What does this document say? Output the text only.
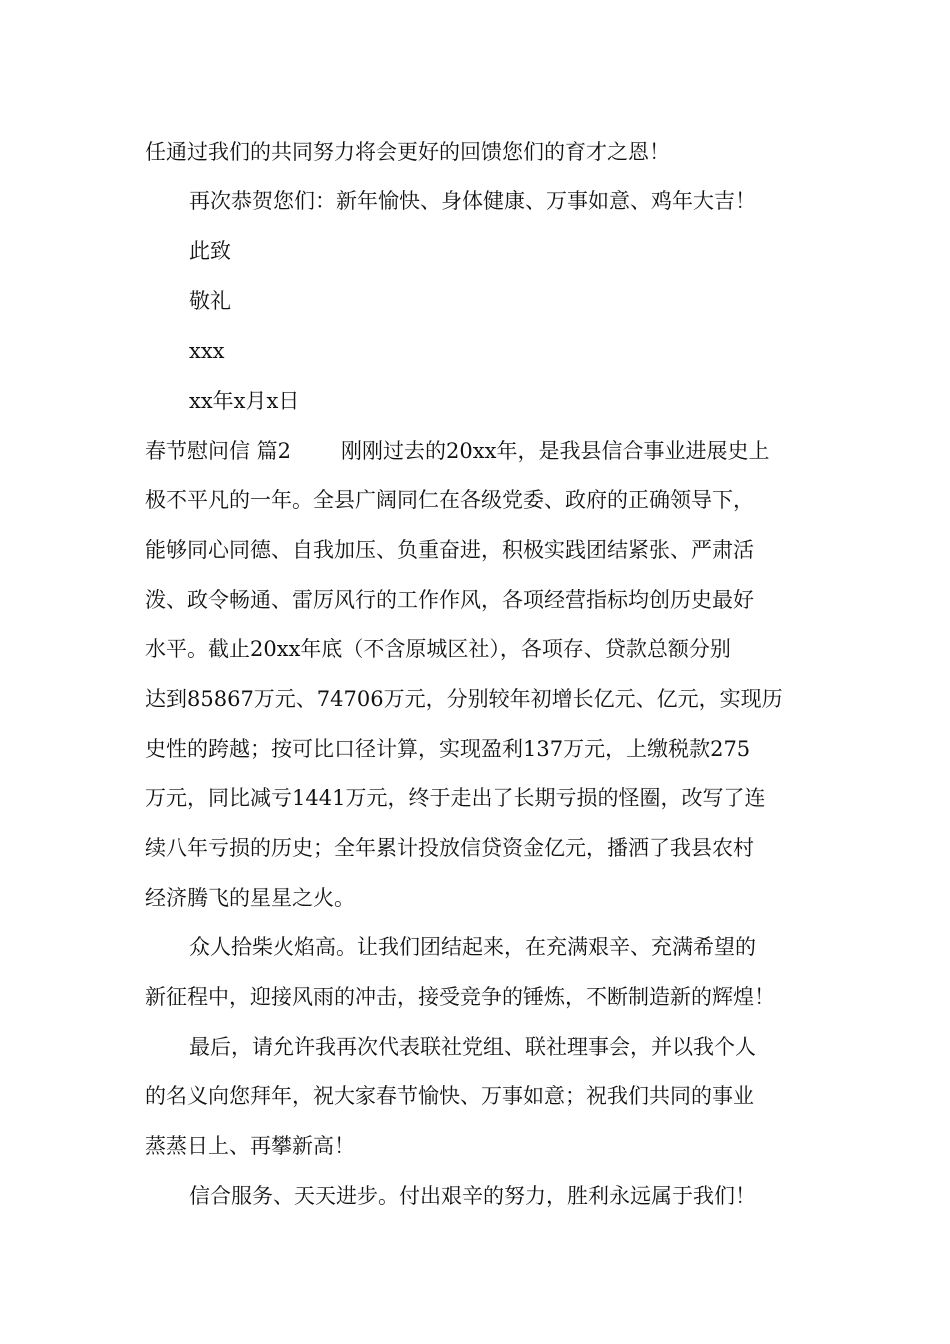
任通过我们的共同努力将会更好的回馈您们的育才之恩！
再次恭贺您们：新年愉快、身体健康、万事如意、鸡年大吉！
此致
敬礼
xxx
xx年x月x日
春节慰问信 篇2 刚刚过去的20xx年，是我县信合事业进展史上
极不平凡的一年。全县广阔同仁在各级党委、政府的正确领导下，
能够同心同德、自我加压、负重奋进，积极实践团结紧张、严肃活
泼、政令畅通、雷厉风行的工作作风，各项经营指标均创历史最好
水平。截止20xx年底（不含原城区社），各项存、贷款总额分别
达到85867万元、74706万元，分别较年初增长亿元、亿元，实现历
史性的跨越；按可比口径计算，实现盈利137万元，上缴税款275
万元，同比减亏1441万元，终于走出了长期亏损的怪圈，改写了连
续八年亏损的历史；全年累计投放信贷资金亿元，播洒了我县农村
经济腾飞的星星之火。
众人拾柴火焰高。让我们团结起来，在充满艰辛、充满希望的
新征程中，迎接风雨的冲击，接受竞争的锤炼，不断制造新的辉煌！
最后，请允许我再次代表联社党组、联社理事会，并以我个人
的名义向您拜年，祝大家春节愉快、万事如意；祝我们共同的事业
蒸蒸日上、再攀新高！
信合服务、天天进步。付出艰辛的努力，胜利永远属于我们！
